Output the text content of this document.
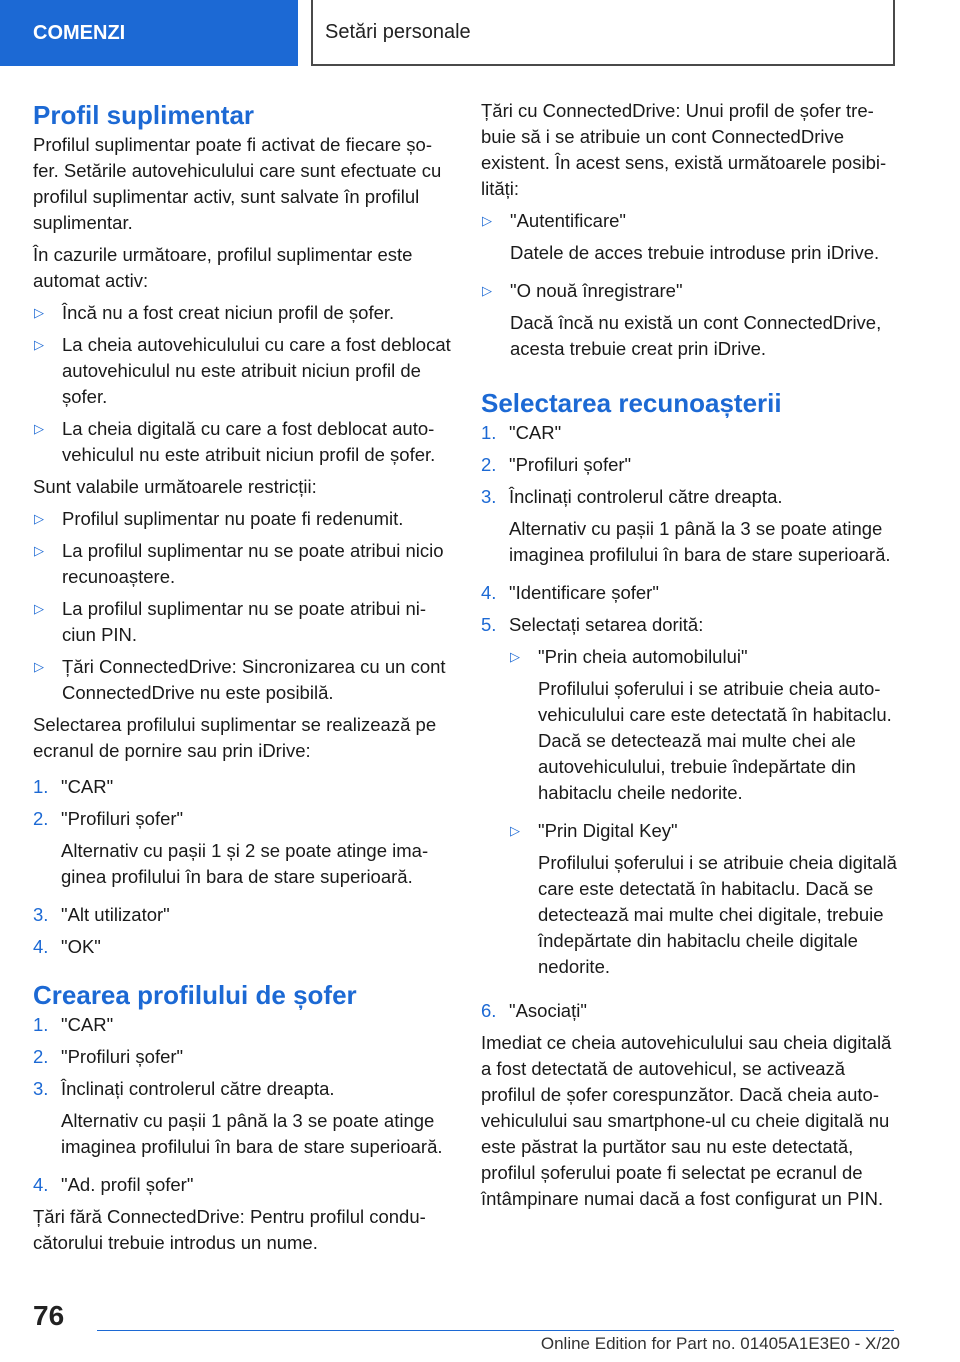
COMENZI	Setări personale
Profil suplimentar

Profilul suplimentar poate fi activat de fiecare șofer. Setările autovehiculului care sunt efectuate cu profilul suplimentar activ, sunt salvate în profilul suplimentar.

În cazurile următoare, profilul suplimentar este automat activ:

▷ Încă nu a fost creat niciun profil de șofer.
▷ La cheia autovehiculului cu care a fost deblocat autovehiculul nu este atribuit niciun profil de șofer.
▷ La cheia digitală cu care a fost deblocat autovehiculul nu este atribuit niciun profil de șofer.

Sunt valabile următoarele restricții:

▷ Profilul suplimentar nu poate fi redenumit.
▷ La profilul suplimentar nu se poate atribui nicio recunoaștere.
▷ La profilul suplimentar nu se poate atribui niciun PIN.
▷ Țări ConnectedDrive: Sincronizarea cu un cont ConnectedDrive nu este posibilă.

Selectarea profilului suplimentar se realizează pe ecranul de pornire sau prin iDrive:

1. "CAR"
2. "Profiluri șofer"

Alternativ cu pașii 1 și 2 se poate atinge imaginea profilului în bara de stare superioară.

3. "Alt utilizator"
4. "OK"
Crearea profilului de șofer
1. "CAR"
2. "Profiluri șofer"
3. Înclinați controlerul către dreapta.

Alternativ cu pașii 1 până la 3 se poate atinge imaginea profilului în bara de stare superioară.

4. "Ad. profil șofer"

Țări fără ConnectedDrive: Pentru profilul conducătorului trebuie introdus un nume.

Țări cu ConnectedDrive: Unui profil de șofer trebuie să i se atribuie un cont ConnectedDrive existent. În acest sens, există următoarele posibilități:

▷ "Autentificare"

Datele de acces trebuie introduse prin iDrive.

▷ "O nouă înregistrare"

Dacă încă nu există un cont ConnectedDrive, acesta trebuie creat prin iDrive.

Selectarea recunoașterii
1. "CAR"
2. "Profiluri șofer"
3. Înclinați controlerul către dreapta.

Alternativ cu pașii 1 până la 3 se poate atinge imaginea profilului în bara de stare superioară.

4. "Identificare șofer"
5. Selectați setarea dorită:

▷ "Prin cheia automobilului"

Profilului șoferului i se atribuie cheia autovehiculului care este detectată în habitaclu. Dacă se detectează mai multe chei ale autovehiculului, trebuie îndepărtate din habitaclu cheile nedorite.

▷ "Prin Digital Key"

Profilului șoferului i se atribuie cheia digitală care este detectată în habitaclu. Dacă se detectează mai multe chei digitale, trebuie îndepărtate din habitaclu cheile digitale nedorite.

6. "Asociați"

Imediat ce cheia autovehiculului sau cheia digitală a fost detectată de autovehicul, se activează profilul de șofer corespunzător. Dacă cheia autovehiculului sau smartphone-ul cu cheie digitală nu este păstrat la purtător sau nu este detectată, profilul șoferului poate fi selectat pe ecranul de întâmpinare numai dacă a fost configurat un PIN.

76
Online Edition for Part no. 01405A1E3E0 - X/20
